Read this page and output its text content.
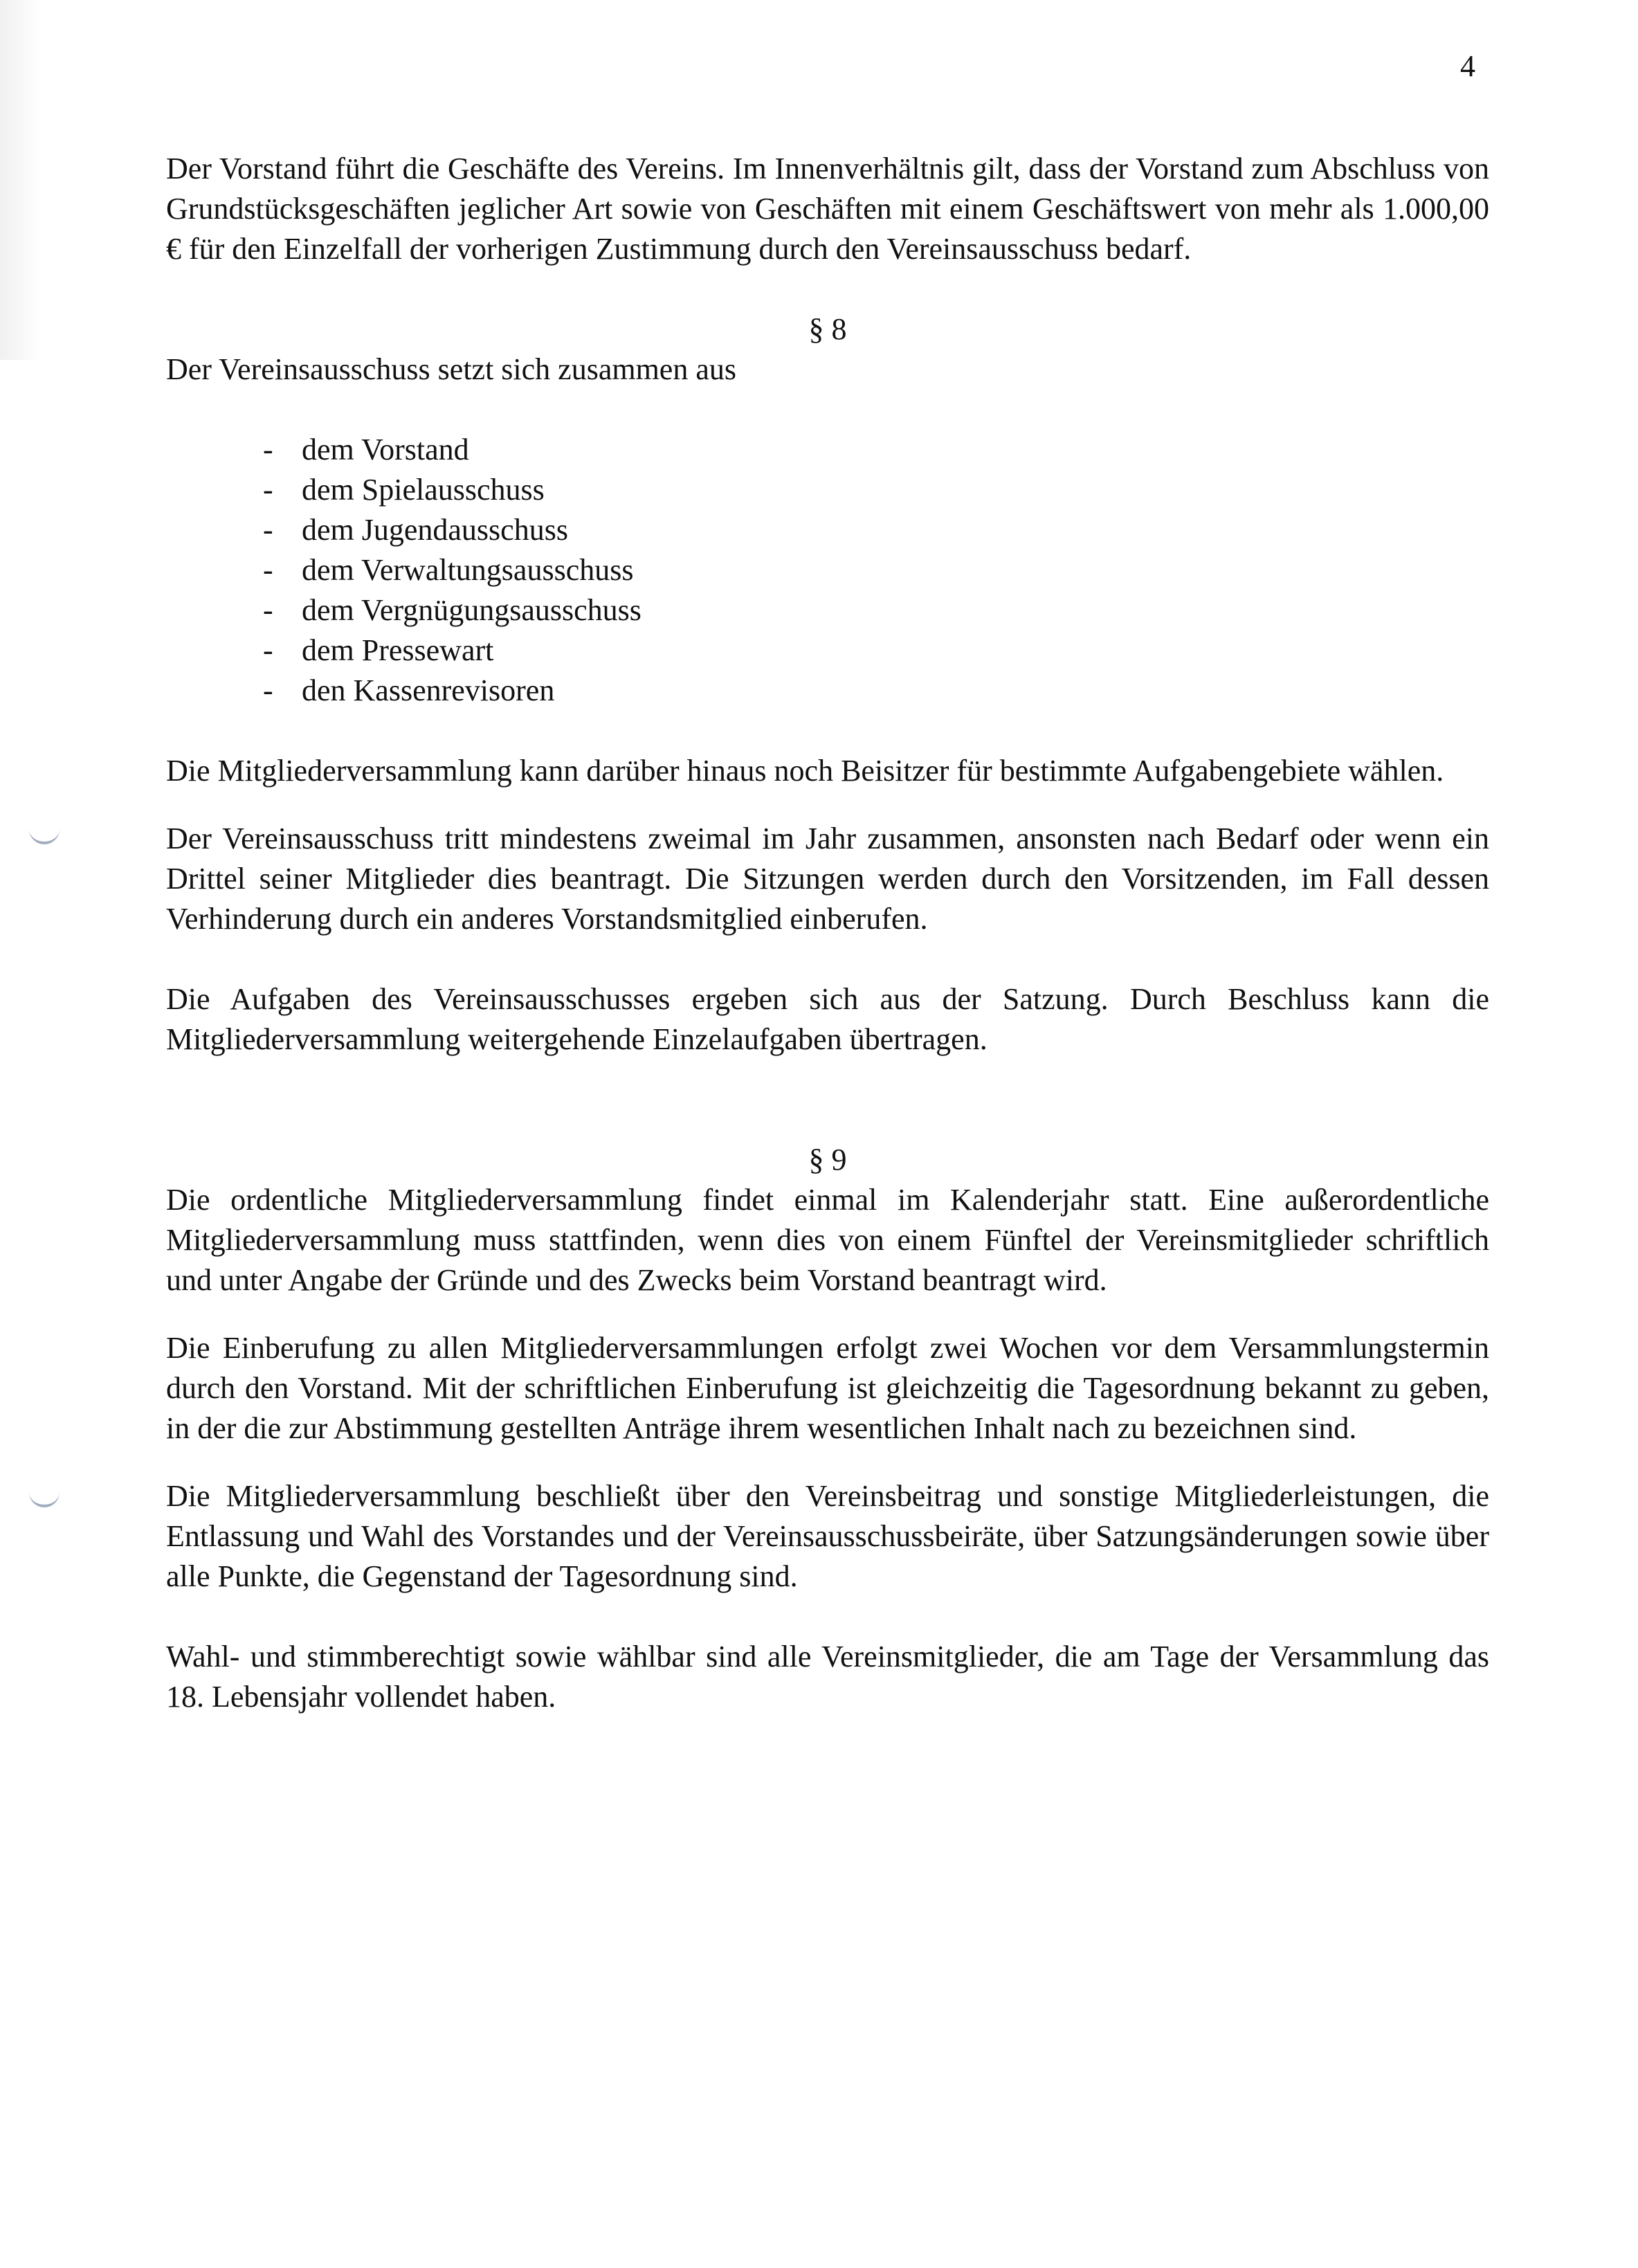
4

Der Vorstand führt die Geschäfte des Vereins. Im Innenverhältnis gilt, dass der Vorstand zum Abschluss von Grundstücksgeschäften jeglicher Art sowie von Geschäften mit einem Geschäftswert von mehr als 1.000,00 € für den Einzelfall der vorherigen Zustimmung durch den Vereinsausschuss bedarf.

§ 8

Der Vereinsausschuss setzt sich zusammen aus

- dem Vorstand
- dem Spielausschuss
- dem Jugendausschuss
- dem Verwaltungsausschuss
- dem Vergnügungsausschuss
- dem Pressewart
- den Kassenrevisoren

Die Mitgliederversammlung kann darüber hinaus noch Beisitzer für bestimmte Aufgabengebiete wählen.

Der Vereinsausschuss tritt mindestens zweimal im Jahr zusammen, ansonsten nach Bedarf oder wenn ein Drittel seiner Mitglieder dies beantragt. Die Sitzungen werden durch den Vorsitzenden, im Fall dessen Verhinderung durch ein anderes Vorstandsmitglied einberufen.

Die Aufgaben des Vereinsausschusses ergeben sich aus der Satzung. Durch Beschluss kann die Mitgliederversammlung weitergehende Einzelaufgaben übertragen.

§ 9

Die ordentliche Mitgliederversammlung findet einmal im Kalenderjahr statt. Eine außerordentliche Mitgliederversammlung muss stattfinden, wenn dies von einem Fünftel der Vereinsmitglieder schriftlich und unter Angabe der Gründe und des Zwecks beim Vorstand beantragt wird.

Die Einberufung zu allen Mitgliederversammlungen erfolgt zwei Wochen vor dem Versammlungstermin durch den Vorstand. Mit der schriftlichen Einberufung ist gleichzeitig die Tagesordnung bekannt zu geben, in der die zur Abstimmung gestellten Anträge ihrem wesentlichen Inhalt nach zu bezeichnen sind.

Die Mitgliederversammlung beschließt über den Vereinsbeitrag und sonstige Mitgliederleistungen, die Entlassung und Wahl des Vorstandes und der Vereinsausschussbeiräte, über Satzungsänderungen sowie über alle Punkte, die Gegenstand der Tagesordnung sind.

Wahl- und stimmberechtigt sowie wählbar sind alle Vereinsmitglieder, die am Tage der Versammlung das 18. Lebensjahr vollendet haben.
